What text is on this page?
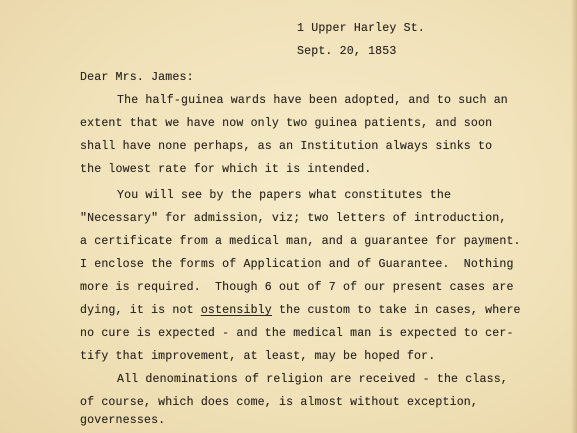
1 Upper Harley St.
Sept. 20, 1853
Dear Mrs. James:
The half-guinea wards have been adopted, and to such an
extent that we have now only two guinea patients, and soon
shall have none perhaps, as an Institution always sinks to
the lowest rate for which it is intended.
You will see by the papers what constitutes the
"Necessary" for admission, viz; two letters of introduction,
a certificate from a medical man, and a guarantee for payment.
I enclose the forms of Application and of Guarantee.  Nothing
more is required.  Though 6 out of 7 of our present cases are
dying, it is not ostensibly the custom to take in cases, where
no cure is expected - and the medical man is expected to cer-
tify that improvement, at least, may be hoped for.
All denominations of religion are received - the class,
of course, which does come, is almost without exception,
governesses.
